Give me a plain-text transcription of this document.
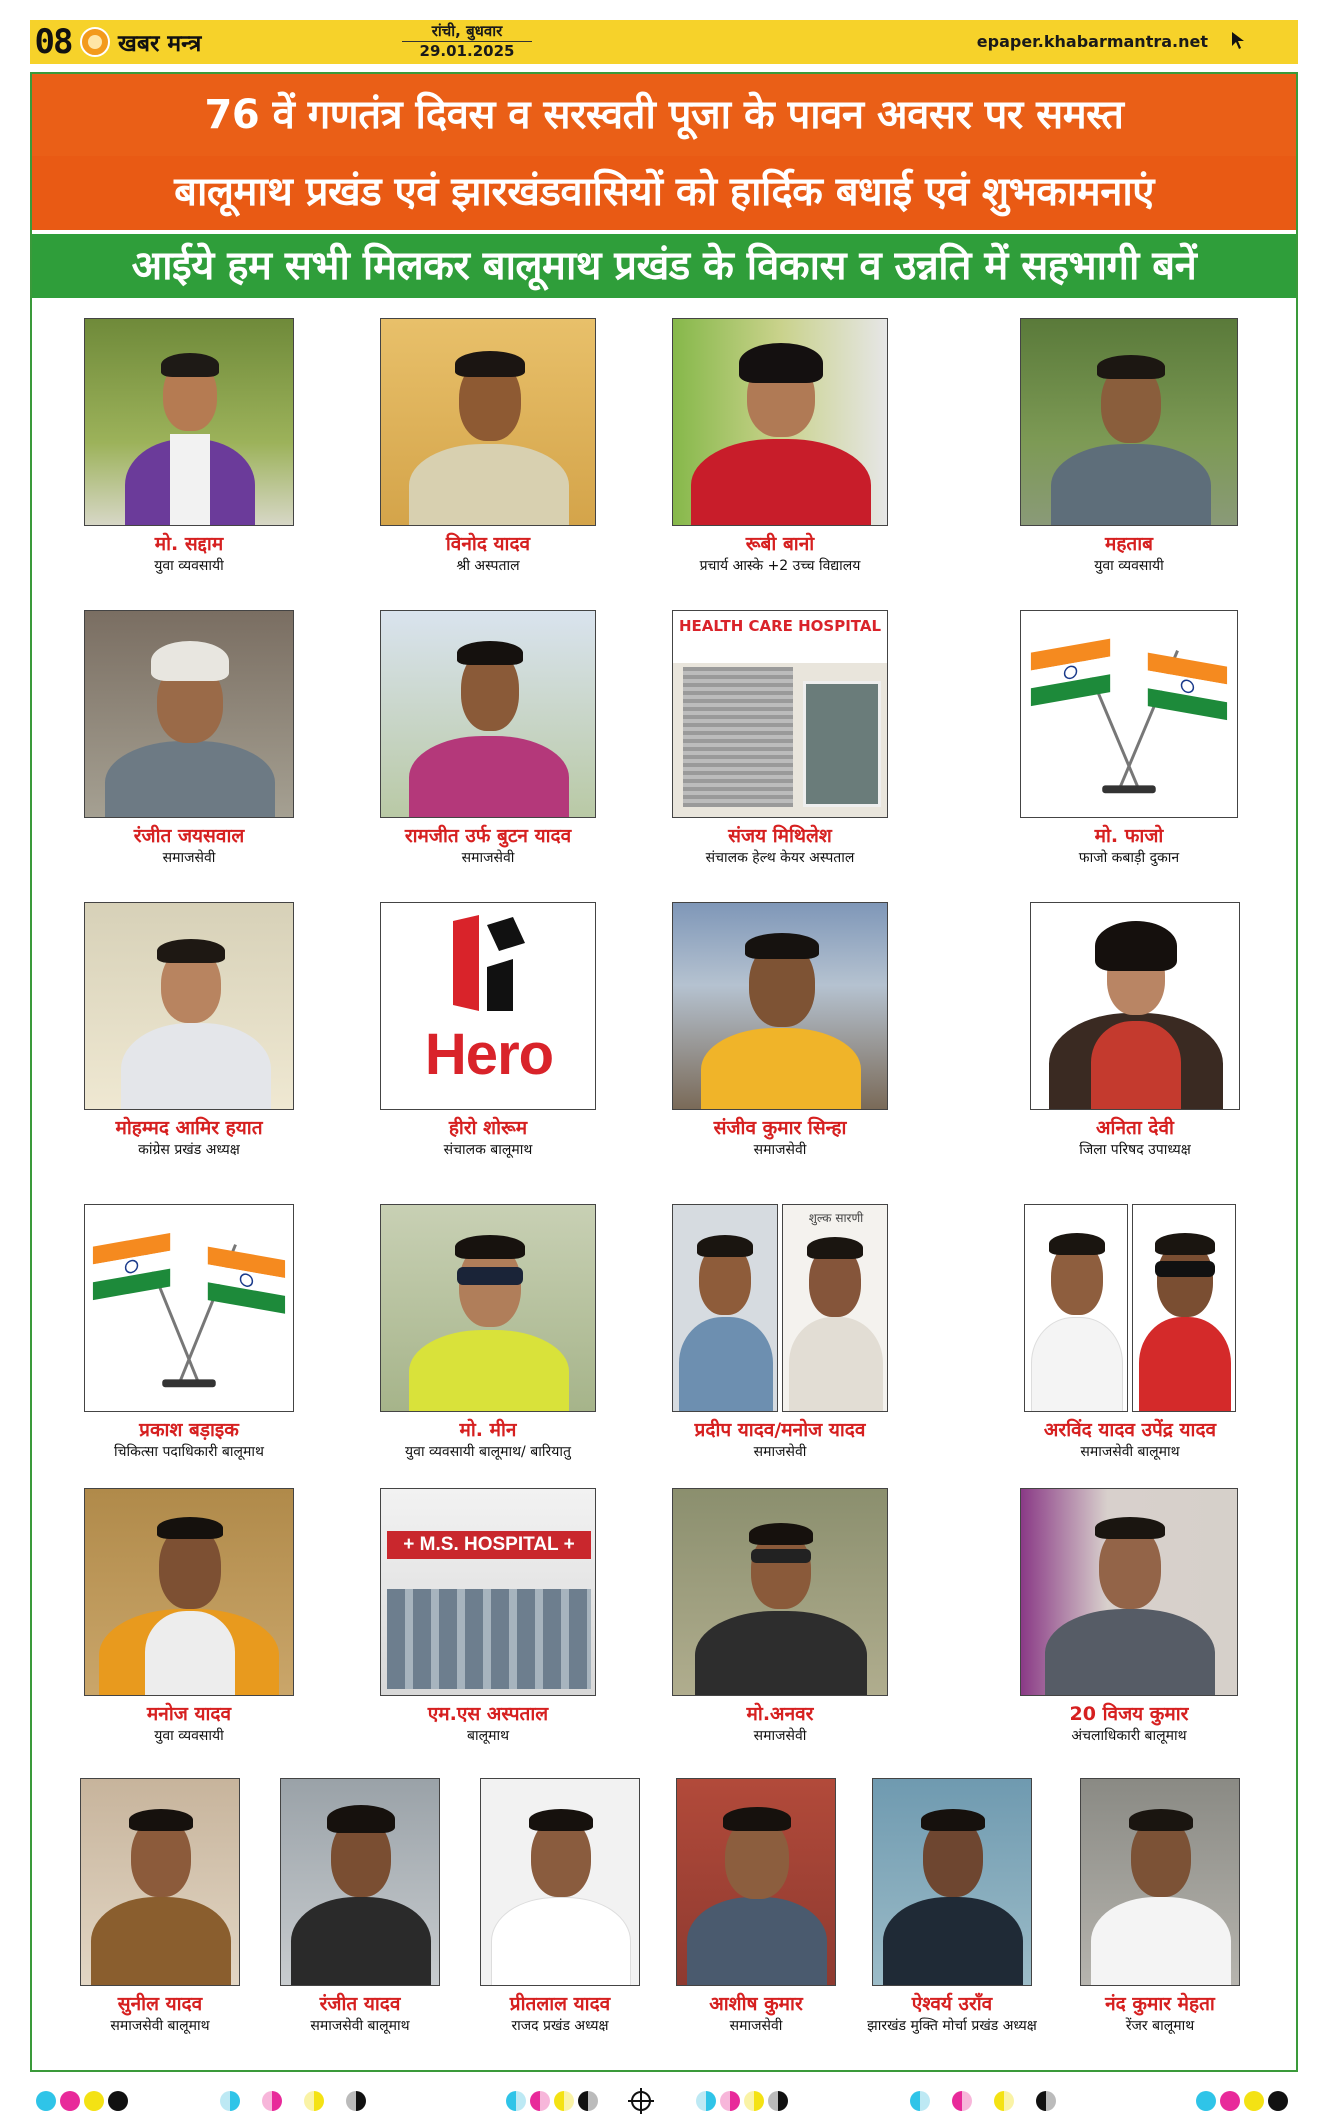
08 खबर मन्त्र	रांची, बुधवार
29.01.2025	epaper.khabarmantra.net
76 वें गणतंत्र दिवस व सरस्वती पूजा के पावन अवसर पर समस्त
बालूमाथ प्रखंड एवं झारखंडवासियों को हार्दिक बधाई एवं शुभकामनाएं
आईये हम सभी मिलकर बालूमाथ प्रखंड के विकास व उन्नति में सहभागी बनें
मो. सद्दाम
युवा व्यवसायी
विनोद यादव
श्री अस्पताल
रूबी बानो
प्रचार्य आस्के +2 उच्च विद्यालय
महताब
युवा व्यवसायी
रंजीत जयसवाल
समाजसेवी
रामजीत उर्फ बुटन यादव
समाजसेवी
HEALTH CARE HOSPITAL
संजय मिथिलेश
संचालक हेल्थ केयर अस्पताल
मो. फाजो
फाजो कबाड़ी दुकान
मोहम्मद आमिर हयात
कांग्रेस प्रखंड अध्यक्ष
Hero
हीरो शोरूम
संचालक बालूमाथ
संजीव कुमार सिन्हा
समाजसेवी
अनिता देवी
जिला परिषद उपाध्यक्ष
प्रकाश बड़ाइक
चिकित्सा पदाधिकारी बालूमाथ
मो. मीन
युवा व्यवसायी बालूमाथ/ बारियातु
शुल्क सारणी
प्रदीप यादव/मनोज यादव
समाजसेवी
अरविंद यादव उपेंद्र यादव
समाजसेवी बालूमाथ
मनोज यादव
युवा व्यवसायी
+ M.S. HOSPITAL +
एम.एस अस्पताल
बालूमाथ
मो.अनवर
समाजसेवी
20 विजय कुमार
अंचलाधिकारी बालूमाथ
सुनील यादव
समाजसेवी बालूमाथ
रंजीत यादव
समाजसेवी बालूमाथ
प्रीतलाल यादव
राजद प्रखंड अध्यक्ष
आशीष कुमार
समाजसेवी
ऐश्वर्य उराँव
झारखंड मुक्ति मोर्चा प्रखंड अध्यक्ष
नंद कुमार मेहता
रेंजर बालूमाथ
